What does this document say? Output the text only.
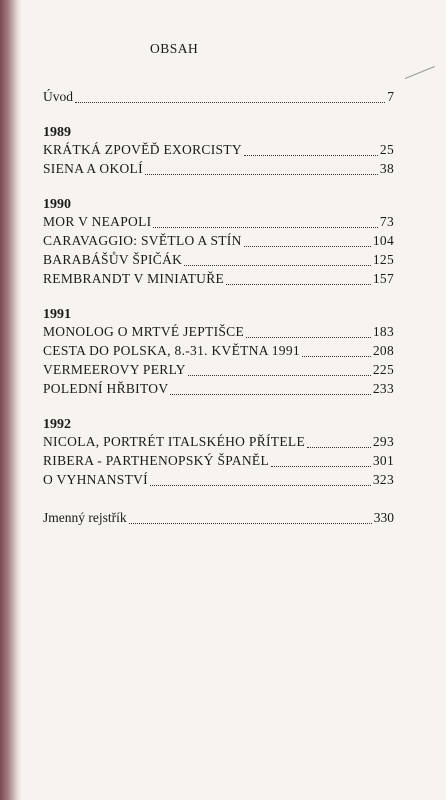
OBSAH
Úvod	7
1989
KRÁTKÁ ZPOVĚĎ EXORCISTY	25
SIENA A OKOLÍ	38
1990
MOR V NEAPOLI	73
CARAVAGGIO: SVĚTLO A STÍN	104
BARABÁŠŮV ŠPIČÁK	125
REMBRANDT V MINIATUŘE	157
1991
MONOLOG O MRTVÉ JEPTIŠCE	183
CESTA DO POLSKA, 8.-31. KVĚTNA 1991	208
VERMEEROVY PERLY	225
POLEDNÍ HŘBITOV	233
1992
NICOLA, PORTRÉT ITALSKÉHO PŘÍTELE	293
RIBERA - PARTHENOPSKÝ ŠPANĚL	301
O VYHNANSTVÍ	323
Jmenný rejstřík	330
